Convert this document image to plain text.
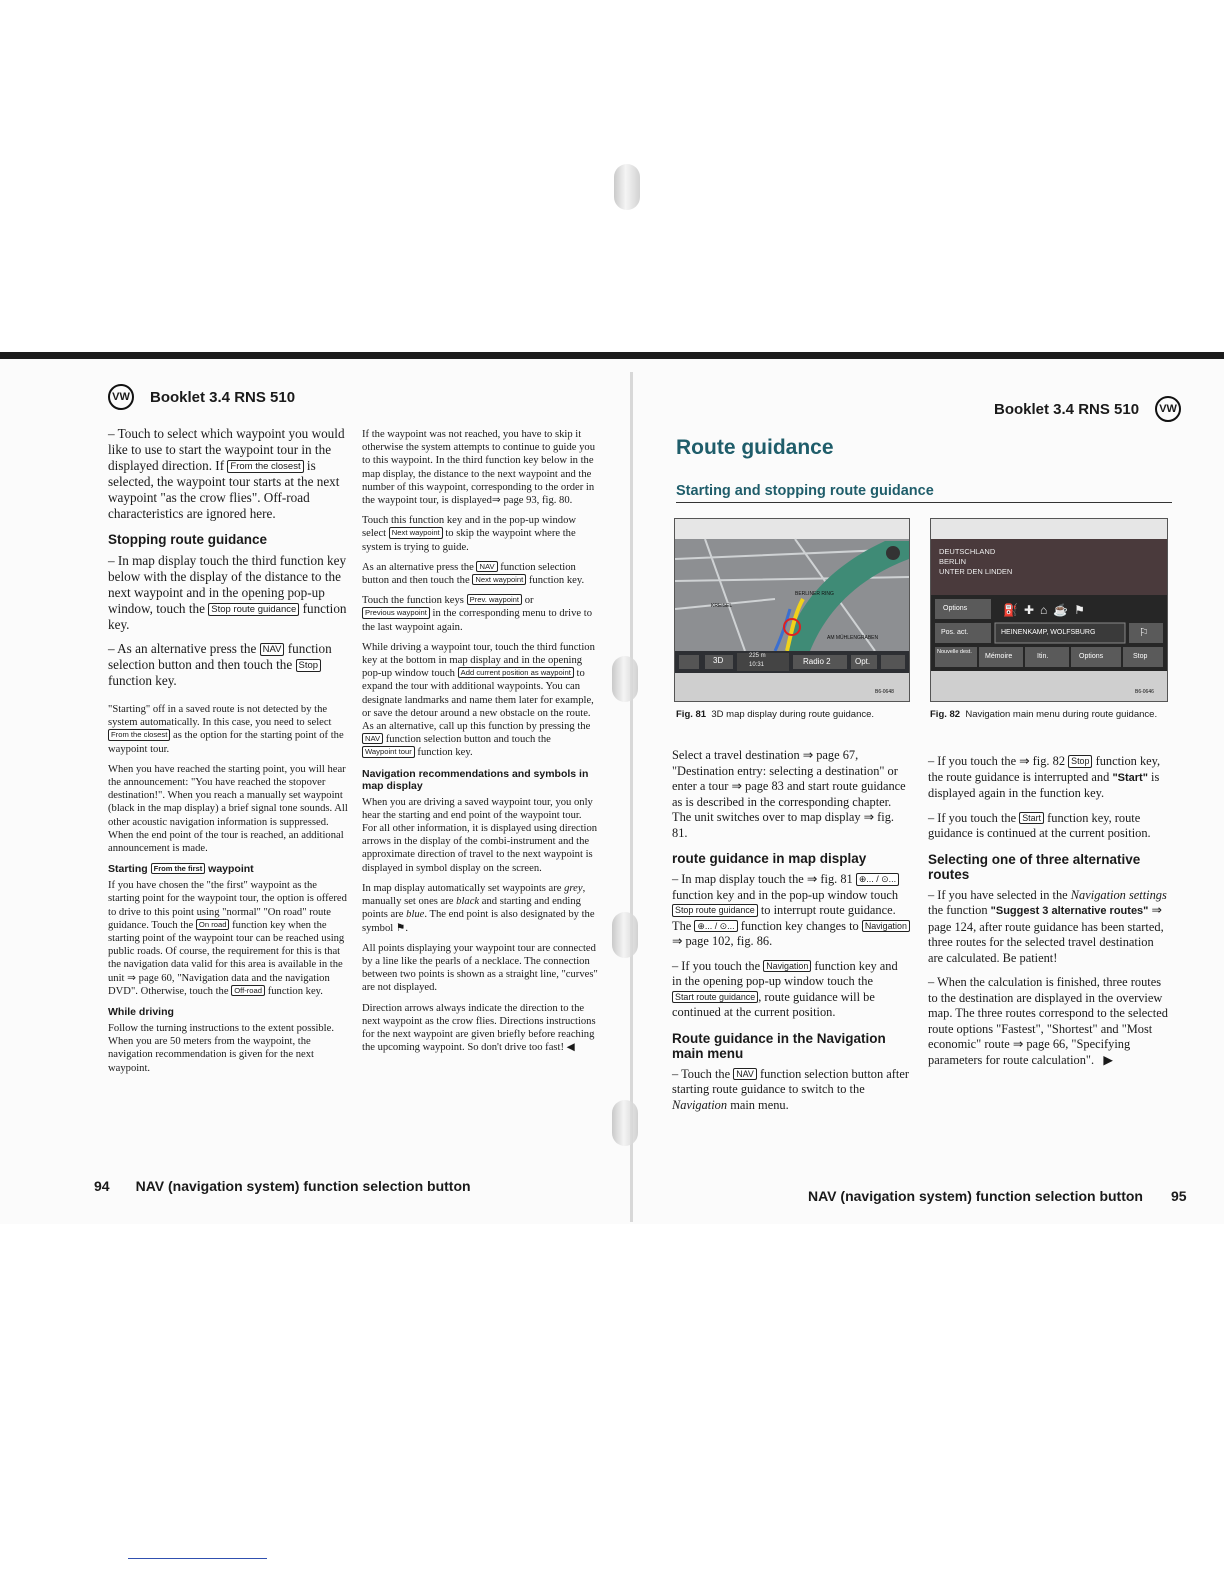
VW Booklet 3.4 RNS 510

– Touch to select which waypoint you would like to use to start the waypoint tour in the displayed direction. If From the closest is selected, the waypoint tour starts at the next waypoint "as the crow flies". Off-road characteristics are ignored here.

Stopping route guidance

– In map display touch the third function key below with the display of the distance to the next waypoint and in the opening pop-up window, touch the Stop route guidance function key.

– As an alternative press the NAV function selection button and then touch the Stop function key.

"Starting" off in a saved route is not detected by the system automatically. In this case, you need to select From the closest as the option for the starting point of the waypoint tour.

When you have reached the starting point, you will hear the announcement: "You have reached the stopover destination!". When you reach a manually set waypoint (black in the map display) a brief signal tone sounds. All other acoustic navigation information is suppressed. When the end point of the tour is reached, an additional announcement is made.

Starting From the first waypoint

If you have chosen the "the first" waypoint as the starting point for the waypoint tour, the option is offered to drive to this point using "normal" "On road" route guidance. Touch the On road function key when the starting point of the waypoint tour can be reached using public roads. Of course, the requirement for this is that the navigation data valid for this area is available in the unit ⇒ page 60, "Navigation data and the navigation DVD". Otherwise, touch the Off-road function key.

While driving

Follow the turning instructions to the extent possible. When you are 50 meters from the waypoint, the navigation recommendation is given for the next waypoint.

If the waypoint was not reached, you have to skip it otherwise the system attempts to continue to guide you to this waypoint. In the third function key below in the map display, the distance to the next waypoint and the number of this waypoint, corresponding to the order in the waypoint tour, is displayed⇒ page 93, fig. 80.

Touch this function key and in the pop-up window select Next waypoint to skip the waypoint where the system is trying to guide.

As an alternative press the NAV function selection button and then touch the Next waypoint function key.

Touch the function keys Prev. waypoint or Previous waypoint in the corresponding menu to drive to the last waypoint again.

While driving a waypoint tour, touch the third function key at the bottom in map display and in the opening pop-up window touch Add current position as waypoint to expand the tour with additional waypoints. You can designate landmarks and name them later for example, or save the detour around a new obstacle on the route. As an alternative, call up this function by pressing the NAV function selection button and touch the Waypoint tour function key.

Navigation recommendations and symbols in map display

When you are driving a saved waypoint tour, you only hear the starting and end point of the waypoint tour. For all other information, it is displayed using direction arrows in the display of the combi-instrument and the approximate direction of travel to the next waypoint is displayed in symbol display on the screen.

In map display automatically set waypoints are grey, manually set ones are black and starting and ending points are blue. The end point is also designated by the symbol ⚑.

All points displaying your waypoint tour are connected by a line like the pearls of a necklace. The connection between two points is shown as a straight line, "curves" are not displayed.

Direction arrows always indicate the direction to the next waypoint as the crow flies. Directions instructions for the next waypoint are given briefly before reaching the upcoming waypoint. So don't drive too fast! ◀

94 NAV (navigation system) function selection button
Booklet 3.4 RNS 510	VW
Route guidance
Starting and stopping route guidance
BERLINER RING
KREISEL
AM MÜHLENGRABEN
3D	225 m
10:31	Radio 2	Opt.
B6-0648
Fig. 81 3D map display during route guidance.
DEUTSCHLAND
BERLIN
UNTER DEN LINDEN
Options	⛽✚⌂☕⚑
Pos. act.	HEINENKAMP, WOLFSBURG	⚐
Nouvelle dest.
Mémoire	Itin.	Options	Stop
B6-0646
Fig. 82 Navigation main menu during route guidance.

Select a travel destination ⇒ page 67, "Destination entry: selecting a destination" or enter a tour ⇒ page 83 and start route guidance as is described in the corresponding chapter. The unit switches over to map display ⇒ fig. 81.

route guidance in map display

– In map display touch the ⇒ fig. 81 ⊕... / ⊙... function key and in the pop-up window touch Stop route guidance to interrupt route guidance. The ⊕... / ⊙... function key changes to Navigation ⇒ page 102, fig. 86.

– If you touch the Navigation function key and in the opening pop-up window touch the Start route guidance , route guidance will be continued at the current position.

Route guidance in the Navigation main menu

– Touch the NAV function selection button after starting route guidance to switch to the Navigation main menu.

– If you touch the ⇒ fig. 82 Stop function key, the route guidance is interrupted and "Start" is displayed again in the function key.

– If you touch the Start function key, route guidance is continued at the current position.

Selecting one of three alternative routes

– If you have selected in the Navigation settings the function "Suggest 3 alternative routes" ⇒ page 124, after route guidance has been started, three routes for the selected travel destination are calculated. Be patient!

– When the calculation is finished, three routes to the destination are displayed in the overview map. The three routes correspond to the selected route options "Fastest", "Shortest" and "Most economic" route ⇒ page 66, "Specifying parameters for route calculation".   ▶

NAV (navigation system) function selection button 95
